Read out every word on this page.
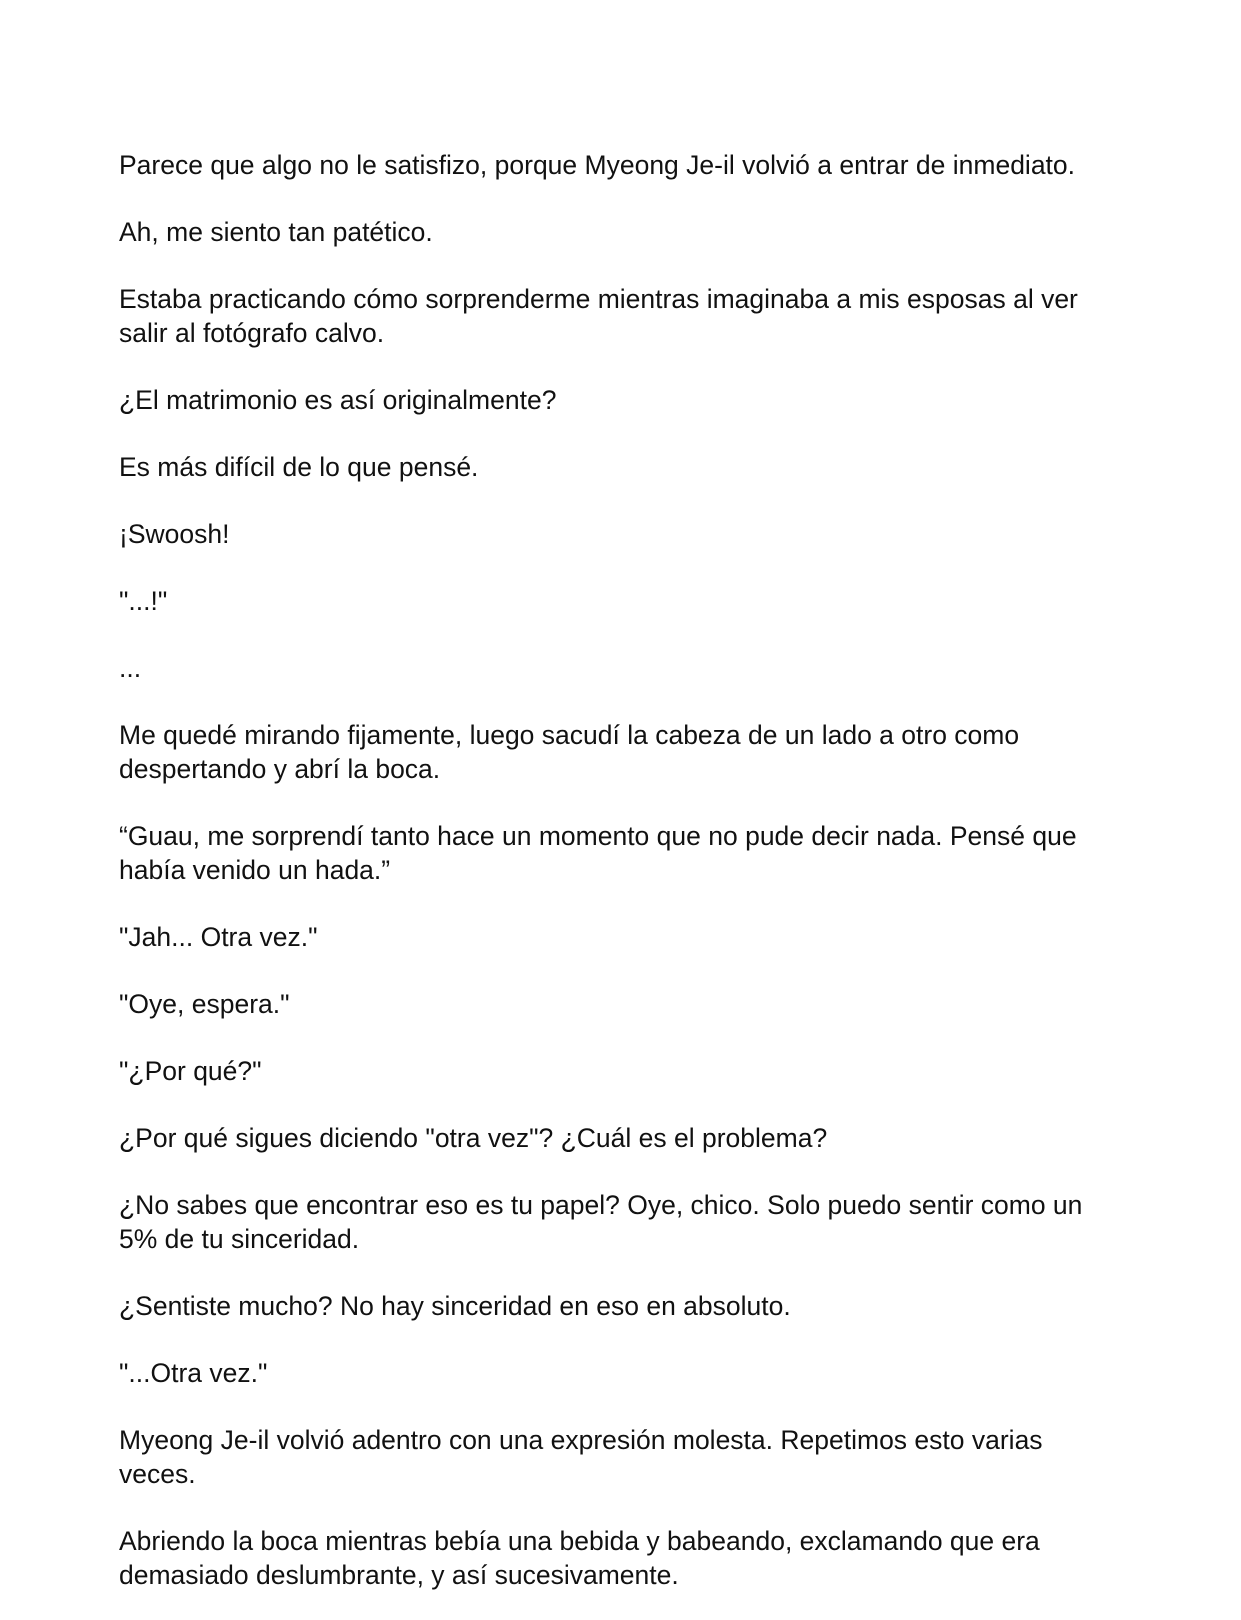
Parece que algo no le satisfizo, porque Myeong Je-il volvió a entrar de inmediato.

Ah, me siento tan patético.

Estaba practicando cómo sorprenderme mientras imaginaba a mis esposas al ver salir al fotógrafo calvo.

¿El matrimonio es así originalmente?

Es más difícil de lo que pensé.

¡Swoosh!

"...!"

...

Me quedé mirando fijamente, luego sacudí la cabeza de un lado a otro como despertando y abrí la boca.

“Guau, me sorprendí tanto hace un momento que no pude decir nada. Pensé que había venido un hada.”

"Jah... Otra vez."

"Oye, espera."

"¿Por qué?"

¿Por qué sigues diciendo "otra vez"? ¿Cuál es el problema?

¿No sabes que encontrar eso es tu papel? Oye, chico. Solo puedo sentir como un 5% de tu sinceridad.

¿Sentiste mucho? No hay sinceridad en eso en absoluto.

"...Otra vez."

Myeong Je-il volvió adentro con una expresión molesta. Repetimos esto varias veces.

Abriendo la boca mientras bebía una bebida y babeando, exclamando que era demasiado deslumbrante, y así sucesivamente.
